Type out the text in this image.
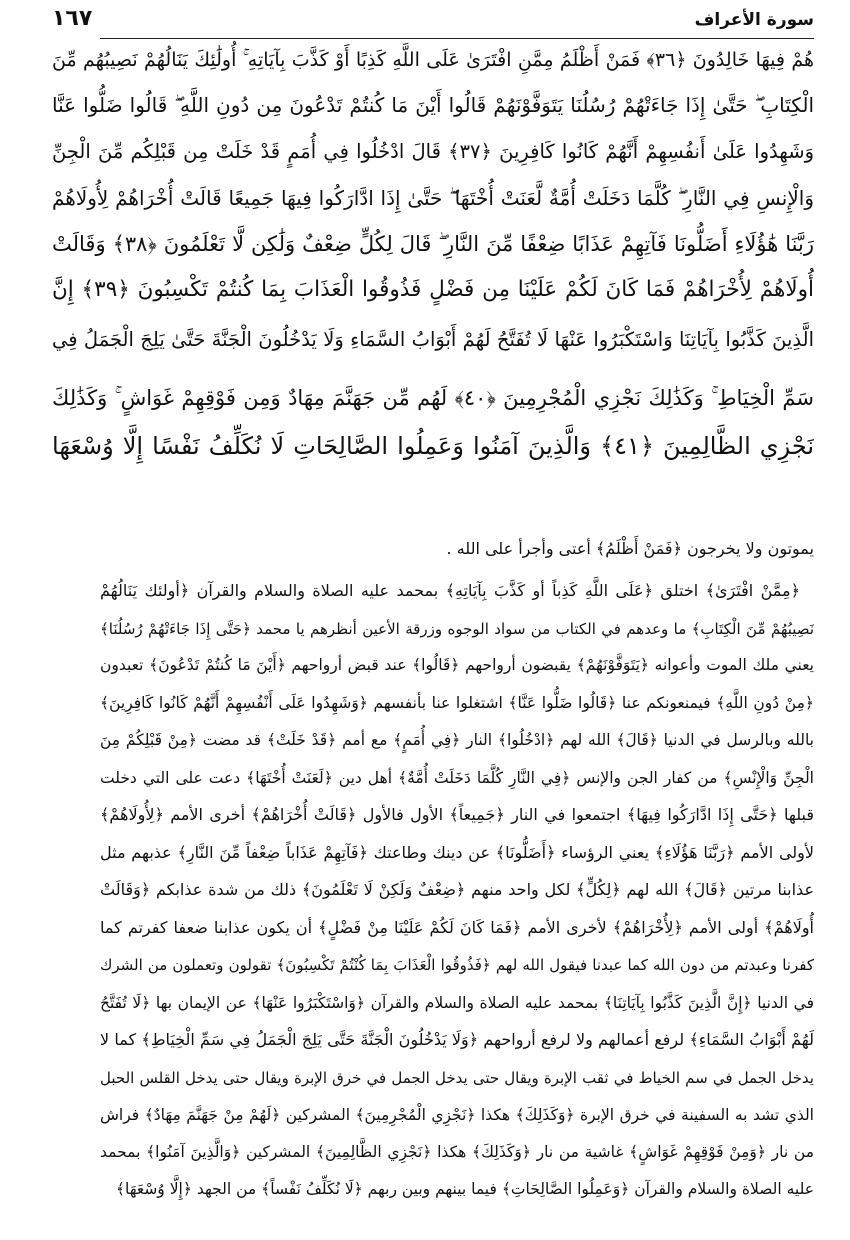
١٦٧	سورة الأعراف
هُمْ فِيهَا خَالِدُونَ ﴿٣٦﴾ فَمَنْ أَظْلَمُ مِمَّنِ افْتَرَىٰ عَلَى اللَّهِ كَذِبًا أَوْ كَذَّبَ بِآيَاتِهِ ۚ أُولَٰئِكَ يَنَالُهُمْ نَصِيبُهُم مِّنَ
الْكِتَابِ ۖ حَتَّىٰ إِذَا جَاءَتْهُمْ رُسُلُنَا يَتَوَفَّوْنَهُمْ قَالُوا أَيْنَ مَا كُنتُمْ تَدْعُونَ مِن دُونِ اللَّهِ ۖ قَالُوا ضَلُّوا عَنَّا
وَشَهِدُوا عَلَىٰ أَنفُسِهِمْ أَنَّهُمْ كَانُوا كَافِرِينَ ﴿٣٧﴾ قَالَ ادْخُلُوا فِي أُمَمٍ قَدْ خَلَتْ مِن قَبْلِكُم مِّنَ الْجِنِّ
وَالْإِنسِ فِي النَّارِ ۖ كُلَّمَا دَخَلَتْ أُمَّةٌ لَّعَنَتْ أُخْتَهَا ۖ حَتَّىٰ إِذَا ادَّارَكُوا فِيهَا جَمِيعًا قَالَتْ أُخْرَاهُمْ لِأُولَاهُمْ
رَبَّنَا هَٰؤُلَاءِ أَضَلُّونَا فَآتِهِمْ عَذَابًا ضِعْفًا مِّنَ النَّارِ ۖ قَالَ لِكُلٍّ ضِعْفٌ وَلَٰكِن لَّا تَعْلَمُونَ ﴿٣٨﴾ وَقَالَتْ
أُولَاهُمْ لِأُخْرَاهُمْ فَمَا كَانَ لَكُمْ عَلَيْنَا مِن فَضْلٍ فَذُوقُوا الْعَذَابَ بِمَا كُنتُمْ تَكْسِبُونَ ﴿٣٩﴾ إِنَّ
الَّذِينَ كَذَّبُوا بِآيَاتِنَا وَاسْتَكْبَرُوا عَنْهَا لَا تُفَتَّحُ لَهُمْ أَبْوَابُ السَّمَاءِ وَلَا يَدْخُلُونَ الْجَنَّةَ حَتَّىٰ يَلِجَ الْجَمَلُ فِي
سَمِّ الْخِيَاطِ ۚ وَكَذَٰلِكَ نَجْزِي الْمُجْرِمِينَ ﴿٤٠﴾ لَهُم مِّن جَهَنَّمَ مِهَادٌ وَمِن فَوْقِهِمْ غَوَاشٍ ۚ وَكَذَٰلِكَ
نَجْزِي الظَّالِمِينَ ﴿٤١﴾ وَالَّذِينَ آمَنُوا وَعَمِلُوا الصَّالِحَاتِ لَا نُكَلِّفُ نَفْسًا إِلَّا وُسْعَهَا
يموتون ولا يخرجون ﴿فَمَنْ أَظْلَمُ﴾ أعتى وأجرأ على الله .
﴿مِمَّنْ افْتَرَىٰ﴾ اختلق ﴿عَلَى اللَّهِ كَذِباً أو كَذَّبَ بِآيَاتِهِ﴾ بمحمد عليه الصلاة والسلام والقرآن ﴿أولئك يَنَالُهُمْ
نَصِيبُهُمْ مِّنَ الْكِتَابِ﴾ ما وعدهم في الكتاب من سواد الوجوه وزرقة الأعين أنظرهم يا محمد ﴿حَتَّى إِذَا جَاءَتْهُمْ رُسُلُنَا﴾
يعني ملك الموت وأعوانه ﴿يَتَوَفَّوْنَهُمْ﴾ يقبضون أرواحهم ﴿قَالُوا﴾ عند قبض أرواحهم ﴿أَيْنَ مَا كُنتُمْ تَدْعُونَ﴾ تعبدون
﴿مِنْ دُونِ اللَّهِ﴾ فيمنعونكم عنا ﴿قَالُوا ضَلُّوا عَنَّا﴾ اشتغلوا عنا بأنفسهم ﴿وَشَهِدُوا عَلَى أَنْفُسِهِمْ أَنَّهُمْ كَانُوا كَافِرِينَ﴾
بالله وبالرسل في الدنيا ﴿قَالَ﴾ الله لهم ﴿ادْخُلُوا﴾ النار ﴿فِي أُمَمٍ﴾ مع أمم ﴿قَدْ خَلَتْ﴾ قد مضت ﴿مِنْ قَبْلِكُمْ مِنَ
الْجِنِّ وَالْإِنْسِ﴾ من كفار الجن والإنس ﴿فِي النَّارِ كُلَّمَا دَخَلَتْ أُمَّةٌ﴾ أهل دين ﴿لَعَنَتْ أُخْتَهَا﴾ دعت على التي دخلت
قبلها ﴿حَتَّى إِذَا ادَّارَكُوا فِيهَا﴾ اجتمعوا في النار ﴿جَمِيعاً﴾ الأول فالأول ﴿قَالَتْ أُخْرَاهُمْ﴾ أخرى الأمم ﴿لِأُولَاهُمْ﴾
لأولى الأمم ﴿رَبَّنَا هَؤُلَاءِ﴾ يعني الرؤساء ﴿أَضَلُّونَا﴾ عن دينك وطاعتك ﴿فَآتِهِمْ عَذَاباً ضِعْفاً مِّنَ النَّارِ﴾ عذبهم مثل
عذابنا مرتين ﴿قَالَ﴾ الله لهم ﴿لِكُلٍّ﴾ لكل واحد منهم ﴿ضِعْفٌ وَلَكِنْ لَا تَعْلَمُونَ﴾ ذلك من شدة عذابكم ﴿وَقَالَتْ
أُولَاهُمْ﴾ أولى الأمم ﴿لِأُخْرَاهُمْ﴾ لأخرى الأمم ﴿فَمَا كَانَ لَكُمْ عَلَيْنَا مِنْ فَضْلٍ﴾ أن يكون عذابنا ضعفا كفرتم كما
كفرنا وعبدتم من دون الله كما عبدنا فيقول الله لهم ﴿فَذُوقُوا الْعَذَابَ بِمَا كُنْتُمْ تَكْسِبُونَ﴾ تقولون وتعملون من الشرك
في الدنيا ﴿إِنَّ الَّذِينَ كَذَّبُوا بِآيَاتِنَا﴾ بمحمد عليه الصلاة والسلام والقرآن ﴿وَاسْتَكْبَرُوا عَنْهَا﴾ عن الإيمان بها ﴿لَا تُفَتَّحُ
لَهُمْ أَبْوَابُ السَّمَاءِ﴾ لرفع أعمالهم ولا لرفع أرواحهم ﴿وَلَا يَدْخُلُونَ الْجَنَّةَ حَتَّى يَلِجَ الْجَمَلُ فِي سَمِّ الْخِيَاطِ﴾ كما لا
يدخل الجمل في سم الخياط في ثقب الإبرة ويقال حتى يدخل الجمل في خرق الإبرة ويقال حتى يدخل القلس الحبل
الذي تشد به السفينة في خرق الإبرة ﴿وَكَذَلِكَ﴾ هكذا ﴿نَجْزِي الْمُجْرِمِينَ﴾ المشركين ﴿لَهُمْ مِنْ جَهَنَّمَ مِهَادٌ﴾ فراش
من نار ﴿وَمِنْ فَوْقِهِمْ غَوَاشٍ﴾ غاشية من نار ﴿وَكَذَلِكَ﴾ هكذا ﴿نَجْزِي الظَّالِمِينَ﴾ المشركين ﴿وَالَّذِينَ آمَنُوا﴾ بمحمد
عليه الصلاة والسلام والقرآن ﴿وَعَمِلُوا الصَّالِحَاتِ﴾ فيما بينهم وبين ربهم ﴿لَا نُكَلِّفُ نَفْساً﴾ من الجهد ﴿إِلَّا وُسْعَهَا﴾
